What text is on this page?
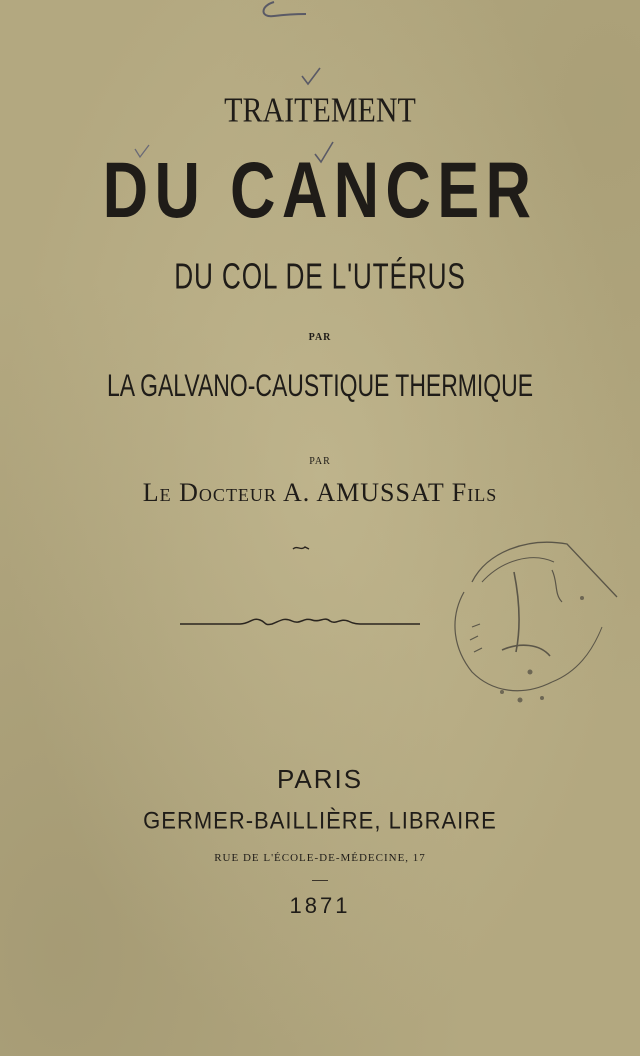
TRAITEMENT
DU CANCER
DU COL DE L'UTÉRUS
PAR
LA GALVANO-CAUSTIQUE THERMIQUE
PAR
Le Docteur A. AMUSSAT Fils
PARIS
GERMER-BAILLIÈRE, LIBRAIRE
RUE DE L'ÉCOLE-DE-MÉDECINE, 17
1871
